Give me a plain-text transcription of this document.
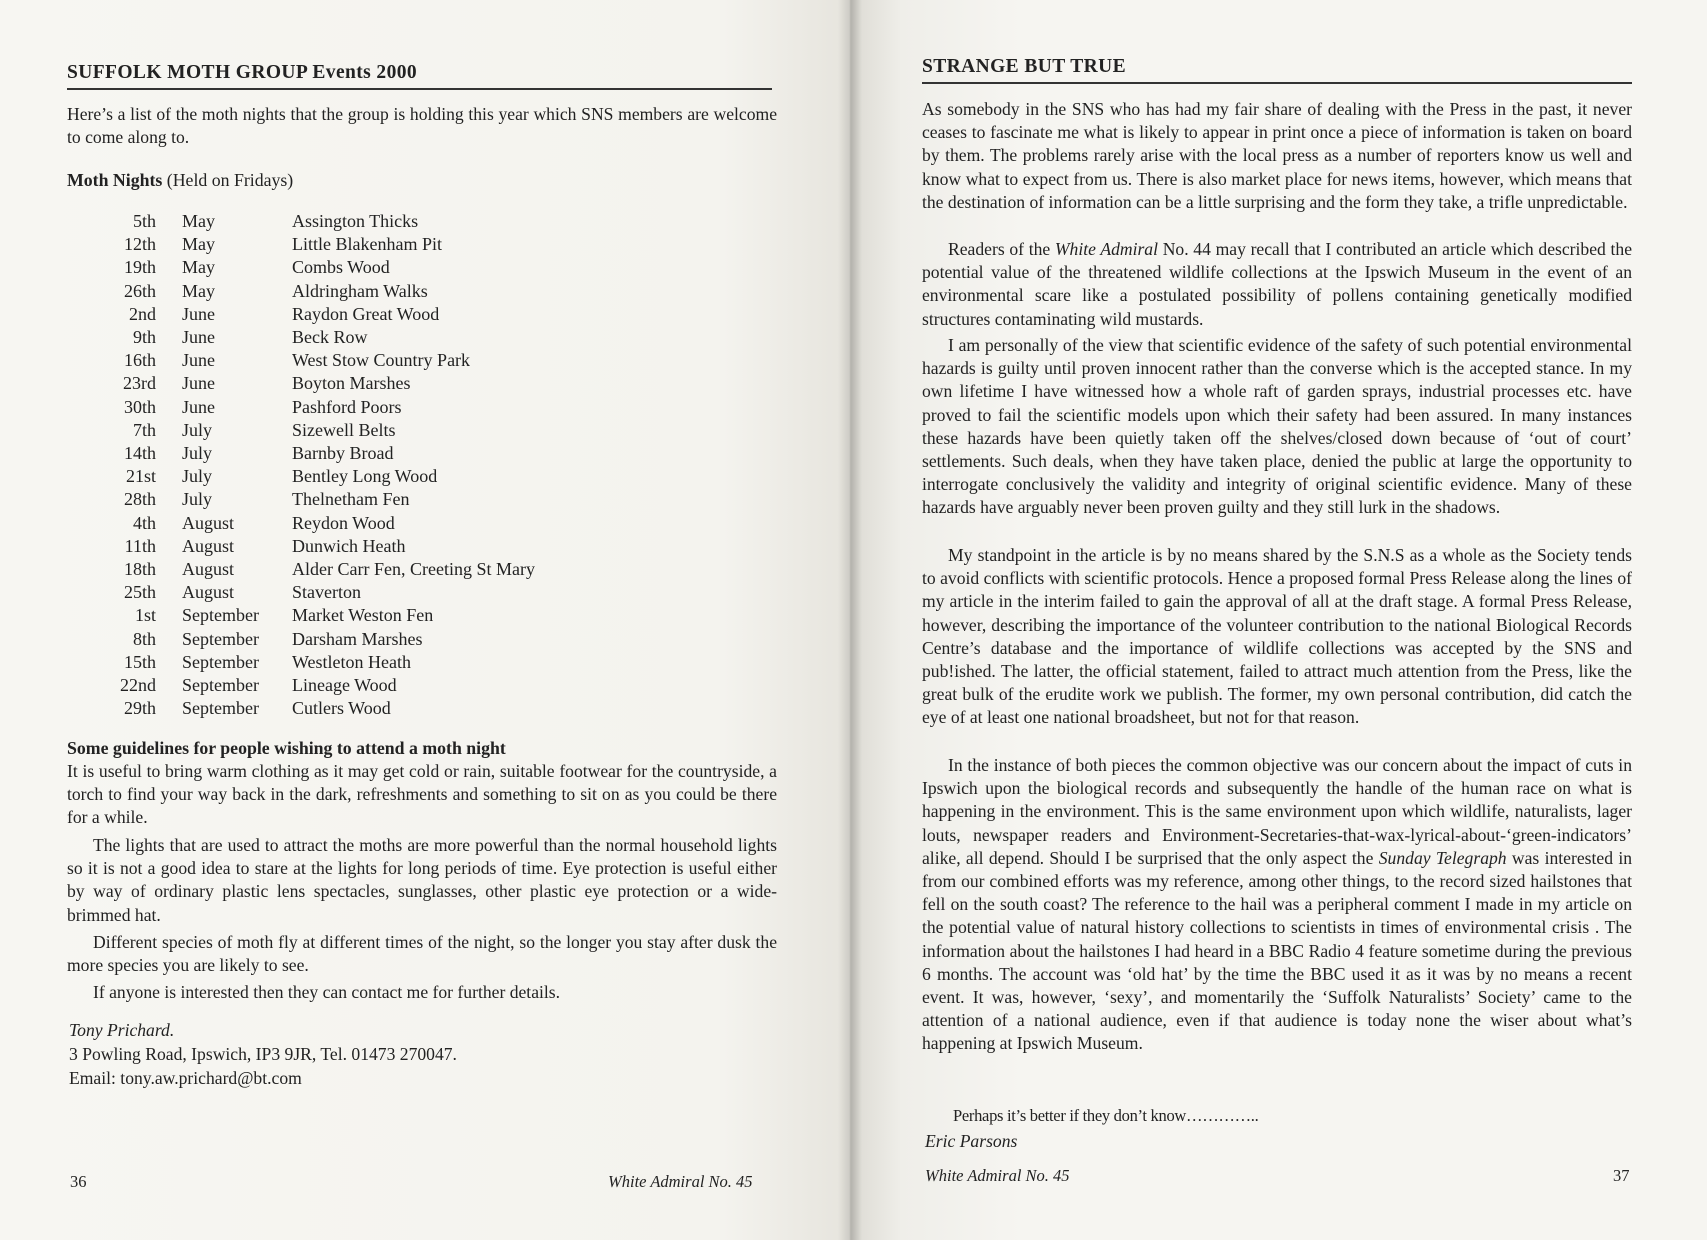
SUFFOLK MOTH GROUP Events 2000
Here’s a list of the moth nights that the group is holding this year which SNS members are welcome to come along to.
Moth Nights (Held on Fridays)
5th	May	Assington Thicks
12th	May	Little Blakenham Pit
19th	May	Combs Wood
26th	May	Aldringham Walks
2nd	June	Raydon Great Wood
9th	June	Beck Row
16th	June	West Stow Country Park
23rd	June	Boyton Marshes
30th	June	Pashford Poors
7th	July	Sizewell Belts
14th	July	Barnby Broad
21st	July	Bentley Long Wood
28th	July	Thelnetham Fen
4th	August	Reydon Wood
11th	August	Dunwich Heath
18th	August	Alder Carr Fen, Creeting St Mary
25th	August	Staverton
1st	September	Market Weston Fen
8th	September	Darsham Marshes
15th	September	Westleton Heath
22nd	September	Lineage Wood
29th	September	Cutlers Wood
Some guidelines for people wishing to attend a moth night
It is useful to bring warm clothing as it may get cold or rain, suitable footwear for the countryside, a torch to find your way back in the dark, refreshments and something to sit on as you could be there for a while.
The lights that are used to attract the moths are more powerful than the normal household lights so it is not a good idea to stare at the lights for long periods of time. Eye protection is useful either by way of ordinary plastic lens spectacles, sunglasses, other plastic eye protection or a wide- brimmed hat.
Different species of moth fly at different times of the night, so the longer you stay after dusk the more species you are likely to see.
If anyone is interested then they can contact me for further details.
Tony Prichard.
3 Powling Road, Ipswich, IP3 9JR, Tel. 01473 270047.
Email: tony.aw.prichard@bt.com
36	White Admiral No. 45
STRANGE BUT TRUE
As somebody in the SNS who has had my fair share of dealing with the Press in the past, it never ceases to fascinate me what is likely to appear in print once a piece of information is taken on board by them. The problems rarely arise with the local press as a number of reporters know us well and know what to expect from us. There is also market place for news items, however, which means that the destination of information can be a little surprising and the form they take, a trifle unpredictable.
Readers of the White Admiral No. 44 may recall that I contributed an article which described the potential value of the threatened wildlife collections at the Ipswich Museum in the event of an environmental scare like a postulated possibility of pollens containing genetically modified structures contaminating wild mustards.
I am personally of the view that scientific evidence of the safety of such potential environmental hazards is guilty until proven innocent rather than the converse which is the accepted stance. In my own lifetime I have witnessed how a whole raft of garden sprays, industrial processes etc. have proved to fail the scientific models upon which their safety had been assured. In many instances these hazards have been quietly taken off the shelves/closed down because of ‘out of court’ settlements. Such deals, when they have taken place, denied the public at large the opportunity to interrogate conclusively the validity and integrity of original scientific evidence. Many of these hazards have arguably never been proven guilty and they still lurk in the shadows.
My standpoint in the article is by no means shared by the S.N.S as a whole as the Society tends to avoid conflicts with scientific protocols. Hence a proposed formal Press Release along the lines of my article in the interim failed to gain the approval of all at the draft stage. A formal Press Release, however, describing the importance of the volunteer contribution to the national Biological Records Centre’s database and the importance of wildlife collections was accepted by the SNS and pub!ished. The latter, the official statement, failed to attract much attention from the Press, like the great bulk of the erudite work we publish. The former, my own personal contribution, did catch the eye of at least one national broadsheet, but not for that reason.
In the instance of both pieces the common objective was our concern about the impact of cuts in Ipswich upon the biological records and subsequently the handle of the human race on what is happening in the environment. This is the same environment upon which wildlife, naturalists, lager louts, newspaper readers and Environment-Secretaries-that-wax-lyrical-about-‘green-indicators’ alike, all depend. Should I be surprised that the only aspect the Sunday Telegraph was interested in from our combined efforts was my reference, among other things, to the record sized hailstones that fell on the south coast? The reference to the hail was a peripheral comment I made in my article on the potential value of natural history collections to scientists in times of environmental crisis . The information about the hailstones I had heard in a BBC Radio 4 feature sometime during the previous 6 months. The account was ‘old hat’ by the time the BBC used it as it was by no means a recent event. It was, however, ‘sexy’, and momentarily the ‘Suffolk Naturalists’ Society’ came to the attention of a national audience, even if that audience is today none the wiser about what’s happening at Ipswich Museum.
Perhaps it’s better if they don’t know…………..
Eric Parsons
White Admiral No. 45	37
